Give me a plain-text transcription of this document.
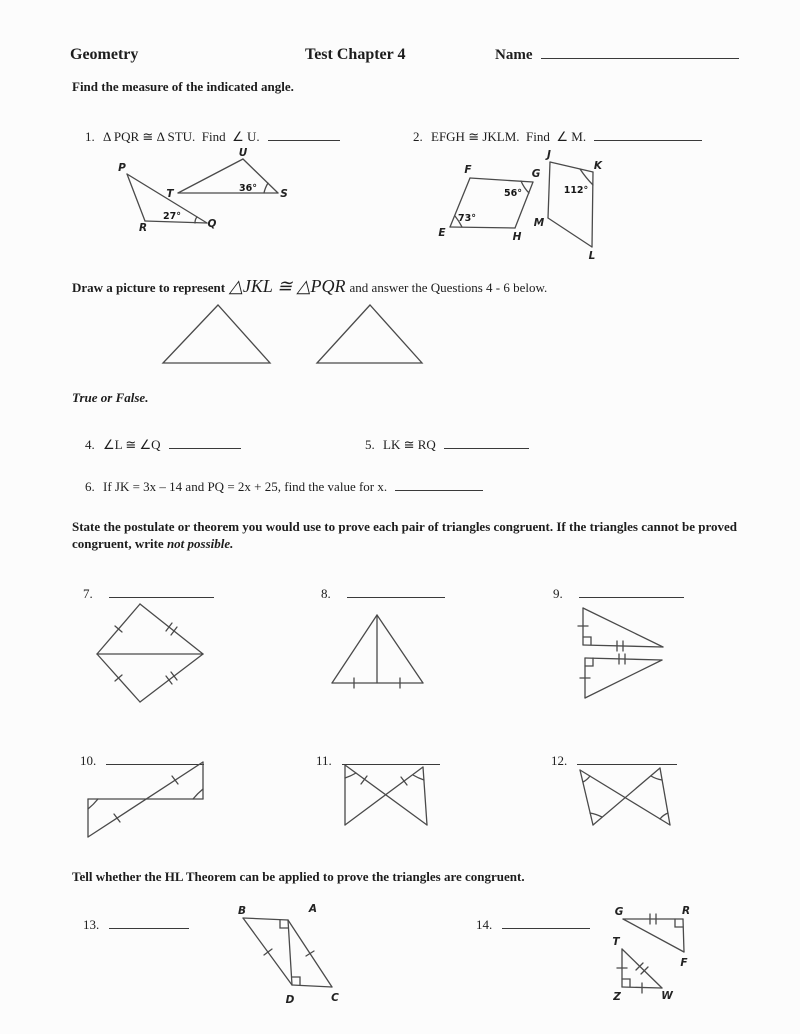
Geometry	Test Chapter 4	Name
Find the measure of the indicated angle.

1. Δ PQR ≅ Δ STU.  Find  ∠ U.
	2. EFGH ≅ JKLM.  Find  ∠ M.

P
R	Q
T
U
S
27°
36°
F	G
E	H
J
K
M
L
73°
56°	112°
Draw a picture to represent △JKL ≅ △PQR and answer the Questions 4 - 6 below.
True or False.

4. ∠L ≅ ∠Q
	5. LK ≅ RQ

6. If JK = 3x – 14 and PQ = 2x + 25, find the value for x.

State the postulate or theorem you would use to prove each pair of triangles congruent. If the triangles cannot be proved congruent, write not possible.

7.
	8.
	9.

10.
	11.
	12.

Tell whether the HL Theorem can be applied to prove the triangles are congruent.

13.
	14.

B	A
D	C
G	R
F
T
Z	W
